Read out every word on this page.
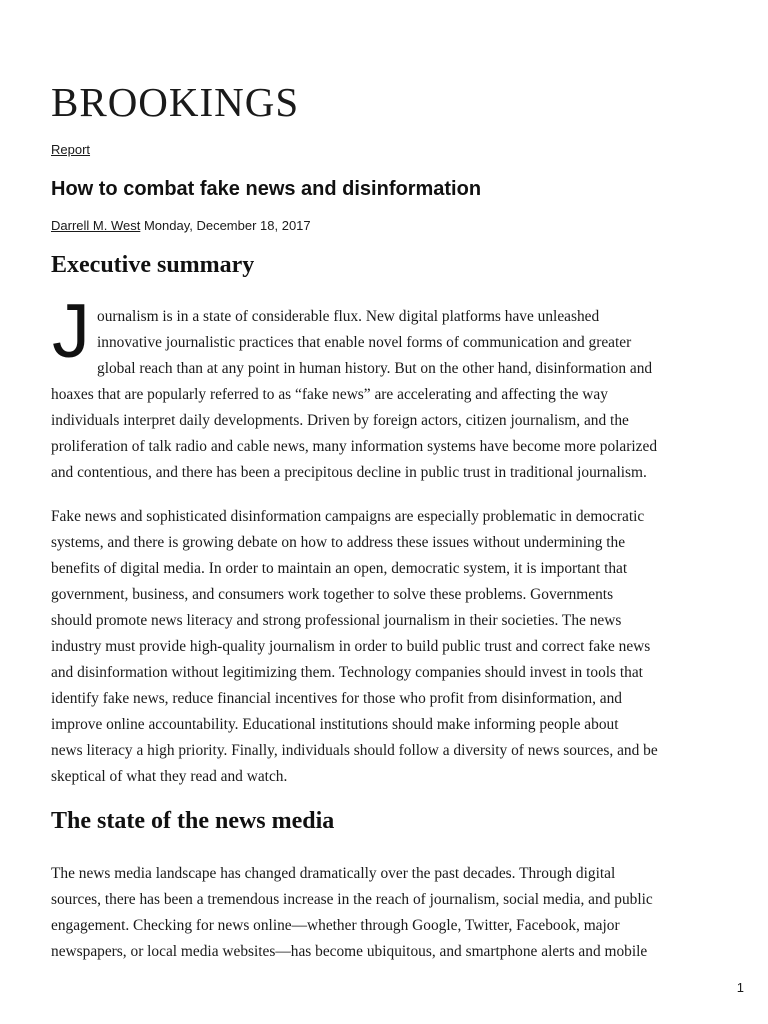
BROOKINGS
Report
How to combat fake news and disinformation
Darrell M. West Monday, December 18, 2017
Executive summary
J ournalism is in a state of considerable flux. New digital platforms have unleashed
innovative journalistic practices that enable novel forms of communication and greater
global reach than at any point in human history. But on the other hand, disinformation and
hoaxes that are popularly referred to as “fake news” are accelerating and affecting the way
individuals interpret daily developments. Driven by foreign actors, citizen journalism, and the
proliferation of talk radio and cable news, many information systems have become more polarized
and contentious, and there has been a precipitous decline in public trust in traditional journalism.
Fake news and sophisticated disinformation campaigns are especially problematic in democratic
systems, and there is growing debate on how to address these issues without undermining the
benefits of digital media. In order to maintain an open, democratic system, it is important that
government, business, and consumers work together to solve these problems. Governments
should promote news literacy and strong professional journalism in their societies. The news
industry must provide high-quality journalism in order to build public trust and correct fake news
and disinformation without legitimizing them. Technology companies should invest in tools that
identify fake news, reduce financial incentives for those who profit from disinformation, and
improve online accountability. Educational institutions should make informing people about
news literacy a high priority. Finally, individuals should follow a diversity of news sources, and be
skeptical of what they read and watch.
The state of the news media
The news media landscape has changed dramatically over the past decades. Through digital
sources, there has been a tremendous increase in the reach of journalism, social media, and public
engagement. Checking for news online—whether through Google, Twitter, Facebook, major
newspapers, or local media websites—has become ubiquitous, and smartphone alerts and mobile
1
